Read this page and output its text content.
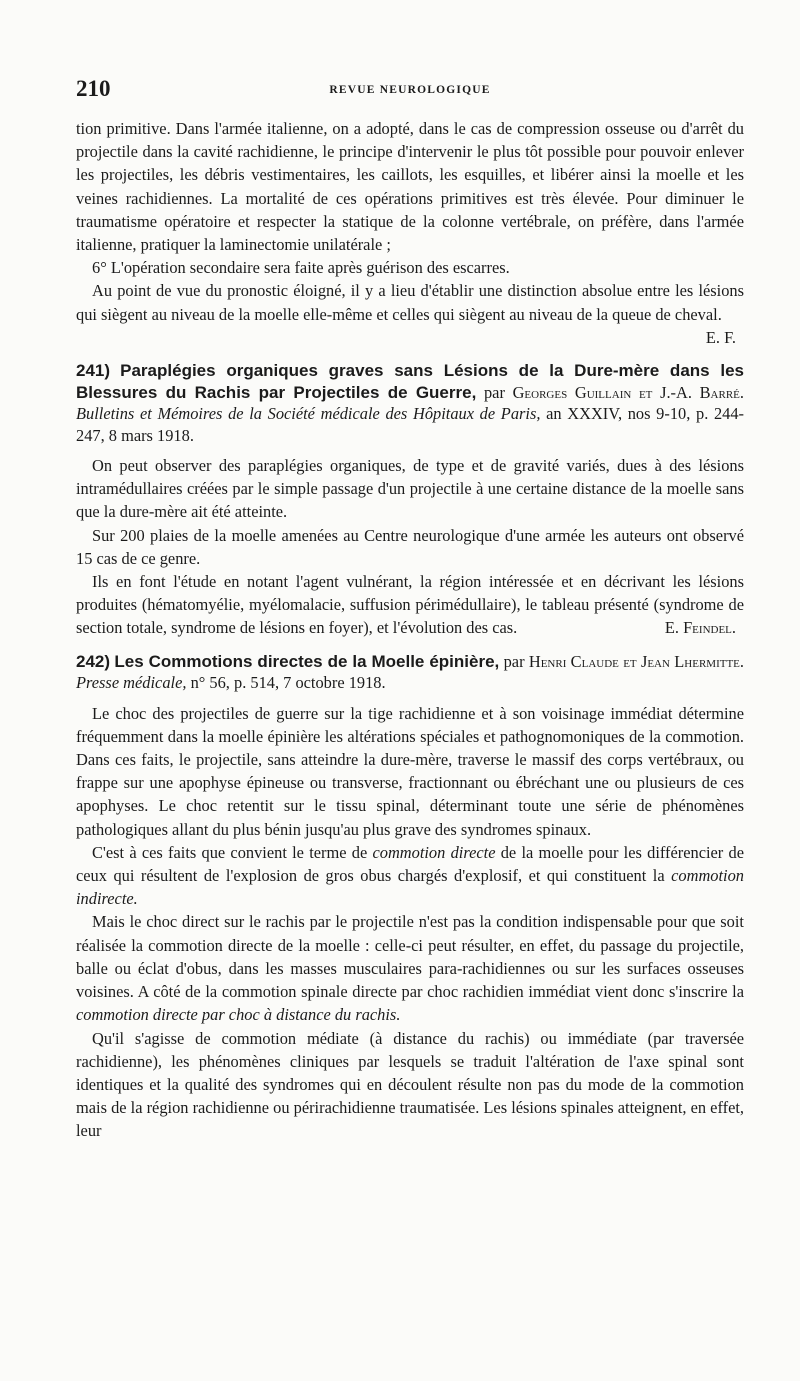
210	REVUE NEUROLOGIQUE

tion primitive. Dans l'armée italienne, on a adopté, dans le cas de compression osseuse ou d'arrêt du projectile dans la cavité rachidienne, le principe d'intervenir le plus tôt possible pour pouvoir enlever les projectiles, les débris vestimentaires, les caillots, les esquilles, et libérer ainsi la moelle et les veines rachidiennes. La mortalité de ces opérations primitives est très élevée. Pour diminuer le traumatisme opératoire et respecter la statique de la colonne vertébrale, on préfère, dans l'armée italienne, pratiquer la laminectomie unilatérale ;

6° L'opération secondaire sera faite après guérison des escarres.

Au point de vue du pronostic éloigné, il y a lieu d'établir une distinction absolue entre les lésions qui siègent au niveau de la moelle elle-même et celles qui siègent au niveau de la queue de cheval.
E. F.

241) Paraplégies organiques graves sans Lésions de la Dure-mère dans les Blessures du Rachis par Projectiles de Guerre, par Georges Guillain et J.-A. Barré. Bulletins et Mémoires de la Société médicale des Hôpitaux de Paris, an XXXIV, nos 9-10, p. 244-247, 8 mars 1918.

On peut observer des paraplégies organiques, de type et de gravité variés, dues à des lésions intramédullaires créées par le simple passage d'un projectile à une certaine distance de la moelle sans que la dure-mère ait été atteinte.

Sur 200 plaies de la moelle amenées au Centre neurologique d'une armée les auteurs ont observé 15 cas de ce genre.

Ils en font l'étude en notant l'agent vulnérant, la région intéressée et en décrivant les lésions produites (hématomyélie, myélomalacie, suffusion périmédullaire), le tableau présenté (syndrome de section totale, syndrome de lésions en foyer), et l'évolution des cas.	E. Feindel.

242) Les Commotions directes de la Moelle épinière, par Henri Claude et Jean Lhermitte. Presse médicale, n° 56, p. 514, 7 octobre 1918.

Le choc des projectiles de guerre sur la tige rachidienne et à son voisinage immédiat détermine fréquemment dans la moelle épinière les altérations spéciales et pathognomoniques de la commotion. Dans ces faits, le projectile, sans atteindre la dure-mère, traverse le massif des corps vertébraux, ou frappe sur une apophyse épineuse ou transverse, fractionnant ou ébréchant une ou plusieurs de ces apophyses. Le choc retentit sur le tissu spinal, déterminant toute une série de phénomènes pathologiques allant du plus bénin jusqu'au plus grave des syndromes spinaux.

C'est à ces faits que convient le terme de commotion directe de la moelle pour les différencier de ceux qui résultent de l'explosion de gros obus chargés d'explosif, et qui constituent la commotion indirecte.

Mais le choc direct sur le rachis par le projectile n'est pas la condition indispensable pour que soit réalisée la commotion directe de la moelle : celle-ci peut résulter, en effet, du passage du projectile, balle ou éclat d'obus, dans les masses musculaires para-rachidiennes ou sur les surfaces osseuses voisines. A côté de la commotion spinale directe par choc rachidien immédiat vient donc s'inscrire la commotion directe par choc à distance du rachis.

Qu'il s'agisse de commotion médiate (à distance du rachis) ou immédiate (par traversée rachidienne), les phénomènes cliniques par lesquels se traduit l'altération de l'axe spinal sont identiques et la qualité des syndromes qui en découlent résulte non pas du mode de la commotion mais de la région rachidienne ou périrachidienne traumatisée. Les lésions spinales atteignent, en effet, leur
